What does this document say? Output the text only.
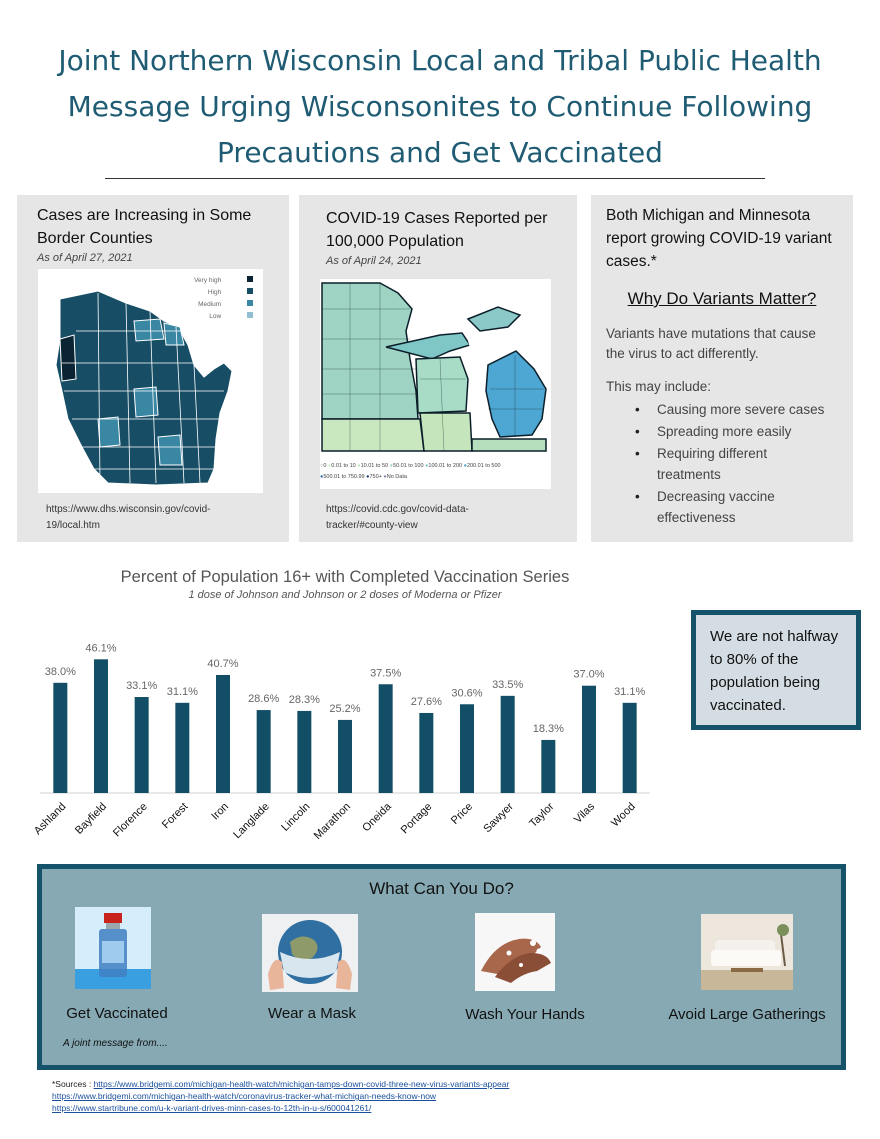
Joint Northern Wisconsin Local and Tribal Public Health
Message Urging Wisconsonites to Continue Following
Precautions and Get Vaccinated
Cases are Increasing in Some
Border Counties
As of April 27, 2021
Very high
High
Medium
Low
https://www.dhs.wisconsin.gov/covid-
19/local.htm
COVID-19 Cases Reported per
100,000 Population
As of April 24, 2021
○0 ●0.01 to 10 ●10.01 to 50 ●50.01 to 100 ●100.01 to 200 ●200.01 to 500
●500.01 to 750.99 ●750+ ●No Data
https://covid.cdc.gov/covid-data-
tracker/#county-view
Both Michigan and Minnesota
report growing COVID-19 variant
cases.*
Why Do Variants Matter?
Variants have mutations that cause
the virus to act differently.
This may include:
• Causing more severe cases
• Spreading more easily
• Requiring different
treatments
• Decreasing vaccine
effectiveness
Percent of Population 16+ with Completed Vaccination Series
1 dose of Johnson and Johnson or 2 doses of Moderna or Pfizer
38.0%
Ashland
46.1%
Bayfield
33.1%
Florence
31.1%
Forest
40.7%
Iron
28.6%
Langlade
28.3%
Lincoln
25.2%
Marathon
37.5%
Oneida
27.6%
Portage
30.6%
Price
33.5%
Sawyer
18.3%
Taylor
37.0%
Vilas
31.1%
Wood
We are not halfway
to 80% of the
population being
vaccinated.
What Can You Do?
Get Vaccinated	Wear a Mask	Wash Your Hands	Avoid Large Gatherings
A joint message from....
*Sources : https://www.bridgemi.com/michigan-health-watch/michigan-tamps-down-covid-three-new-virus-variants-appear
https://www.bridgemi.com/michigan-health-watch/coronavirus-tracker-what-michigan-needs-know-now
https://www.startribune.com/u-k-variant-drives-minn-cases-to-12th-in-u-s/600041261/
